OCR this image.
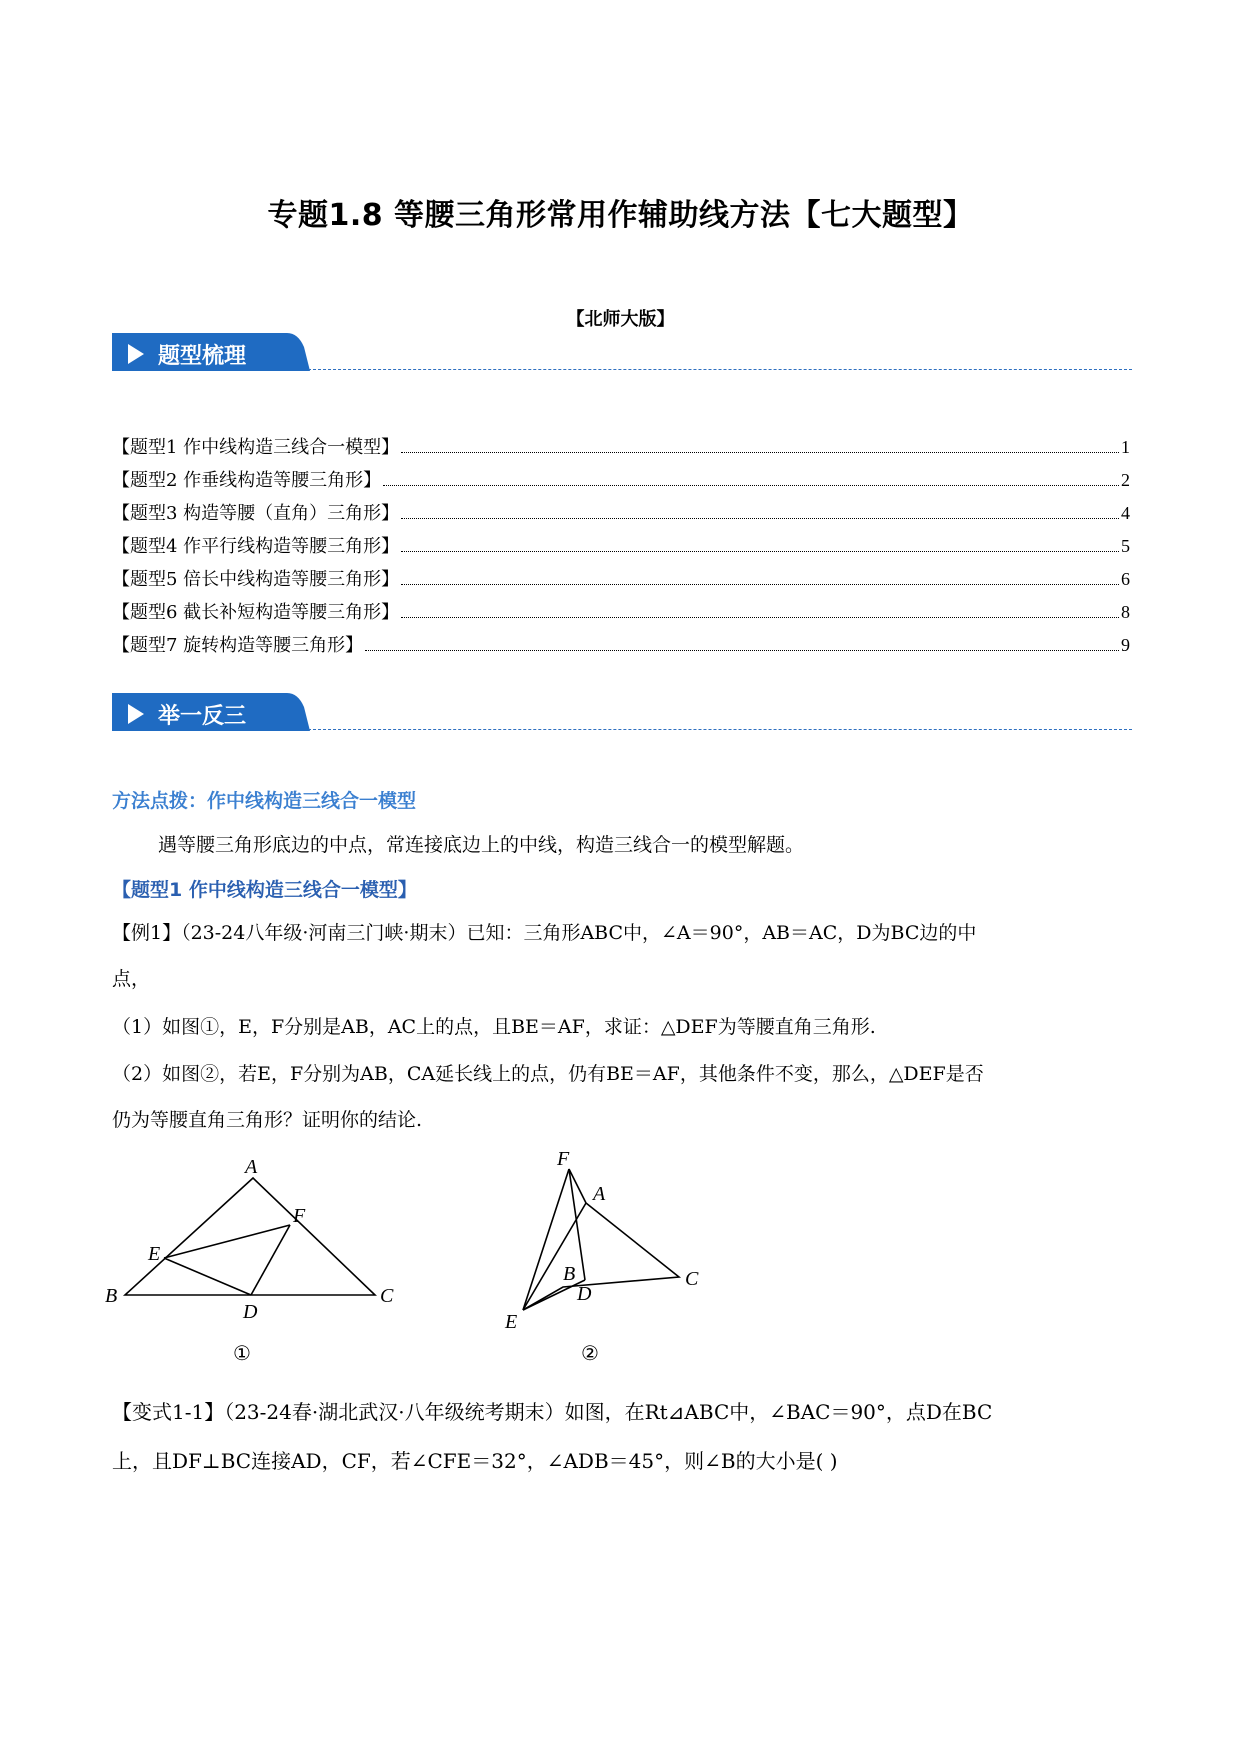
专题1.8 等腰三角形常用作辅助线方法【七大题型】
【北师大版】
题型梳理
【题型1 作中线构造三线合一模型】	1
【题型2 作垂线构造等腰三角形】	2
【题型3 构造等腰（直角）三角形】	4
【题型4 作平行线构造等腰三角形】	5
【题型5 倍长中线构造等腰三角形】	6
【题型6 截长补短构造等腰三角形】	8
【题型7 旋转构造等腰三角形】	9
举一反三
方法点拨：作中线构造三线合一模型
遇等腰三角形底边的中点，常连接底边上的中线，构造三线合一的模型解题。
【题型1 作中线构造三线合一模型】
【例1】（23-24八年级·河南三门峡·期末）已知：三角形ABC中，∠A＝90°，AB＝AC，D为BC边的中
点，
（1）如图①，E，F分别是AB，AC上的点，且BE＝AF，求证：△DEF为等腰直角三角形.
（2）如图②，若E，F分别为AB，CA延长线上的点，仍有BE＝AF，其他条件不变，那么，△DEF是否
仍为等腰直角三角形？证明你的结论.
A
B	C
D
E
F
①
F
A
B	C
D
E
②
【变式1-1】（23-24春·湖北武汉·八年级统考期末）如图，在Rt⊿ABC中，∠BAC＝90°，点D在BC
上，且DF⊥BC连接AD，CF，若∠CFE＝32°，∠ADB＝45°，则∠B的大小是( )
